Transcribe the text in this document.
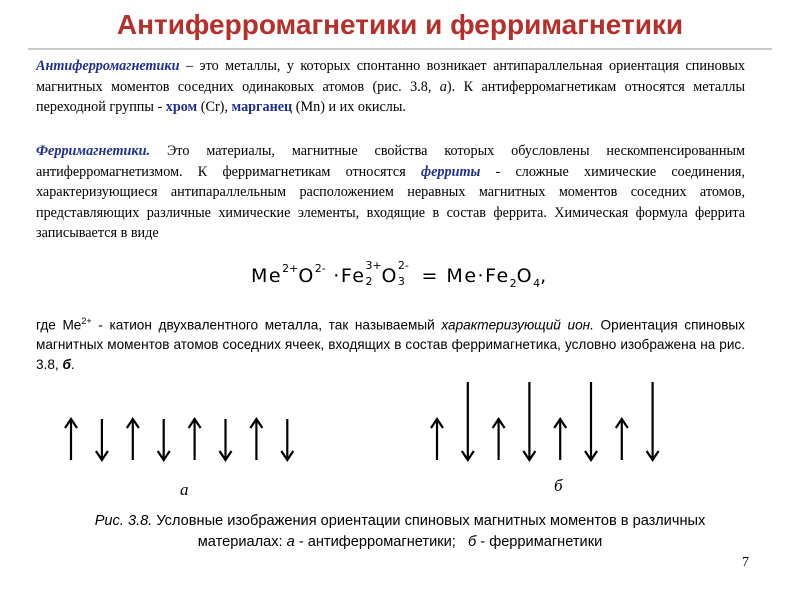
Антиферромагнетики и ферримагнетики
Антиферромагнетики – это металлы, у которых спонтанно возникает антипараллельная ориентация спиновых магнитных моментов соседних одинаковых атомов (рис. 3.8, а). К антиферромагнетикам относятся металлы переходной группы - хром (Cr), марганец (Mn) и их окислы.
Ферримагнетики. Это материалы, магнитные свойства которых обусловлены нескомпенсированным антиферромагнетизмом. К ферримагнетикам относятся ферриты - сложные химические соединения, характеризующиеся антипараллельным расположением неравных магнитных моментов соседних атомов, представляющих различные химические элементы, входящие в состав феррита. Химическая формула феррита записывается в виде
$Me^{2+}O^{2-} \cdot Fe$ 3+
2 O 2-
$3 = Me\cdot Fe_2O_4$,
где $Me^{2+}$ - катион двухвалентного металла, так называемый характеризующий ион. Ориентация спиновых магнитных моментов атомов соседних ячеек, входящих в состав ферримагнетика, условно изображена на рис. 3.8, б.
а	б
Рис. 3.8. Условные изображения ориентации спиновых магнитных моментов в различных материалах: а - антиферромагнетики;   б - ферримагнетики
7
